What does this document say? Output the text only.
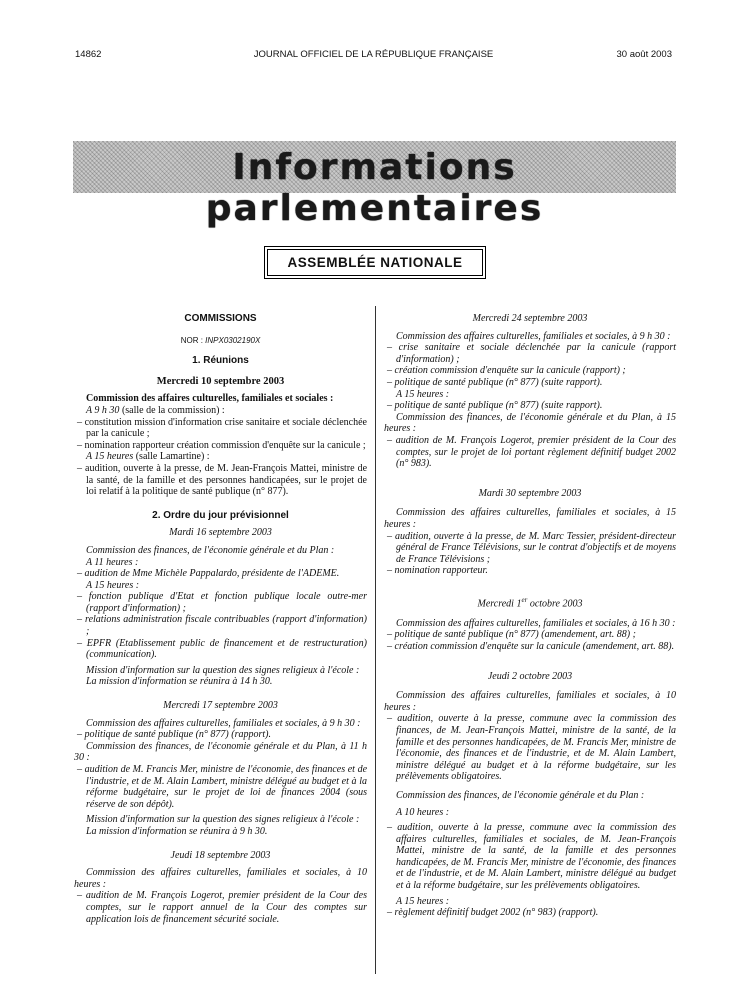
14862	JOURNAL OFFICIEL DE LA RÉPUBLIQUE FRANÇAISE	30 août 2003
Informations parlementaires
ASSEMBLÉE NATIONALE
COMMISSIONS
NOR : INPX0302190X
1. Réunions
Mercredi 10 septembre 2003
Commission des affaires culturelles, familiales et sociales :
A 9 h 30 (salle de la commission) :
– constitution mission d'information crise sanitaire et sociale déclenchée par la canicule ;
– nomination rapporteur création commission d'enquête sur la canicule ;
A 15 heures (salle Lamartine) :
– audition, ouverte à la presse, de M. Jean-François Mattei, ministre de la santé, de la famille et des personnes handicapées, sur le projet de loi relatif à la politique de santé publique (n° 877).
2. Ordre du jour prévisionnel
Mardi 16 septembre 2003
Commission des finances, de l'économie générale et du Plan :
A 11 heures :
– audition de Mme Michèle Pappalardo, présidente de l'ADEME.
A 15 heures :
– fonction publique d'Etat et fonction publique locale outre-mer (rapport d'information) ;
– relations administration fiscale contribuables (rapport d'information) ;
– EPFR (Etablissement public de financement et de restructuration) (communication).
Mission d'information sur la question des signes religieux à l'école :
La mission d'information se réunira à 14 h 30.
Mercredi 17 septembre 2003
Commission des affaires culturelles, familiales et sociales, à 9 h 30 :
– politique de santé publique (n° 877) (rapport).
Commission des finances, de l'économie générale et du Plan, à 11 h 30 :
– audition de M. Francis Mer, ministre de l'économie, des finances et de l'industrie, et de M. Alain Lambert, ministre délégué au budget et à la réforme budgétaire, sur le projet de loi de finances 2004 (sous réserve de son dépôt).
Mission d'information sur la question des signes religieux à l'école :
La mission d'information se réunira à 9 h 30.
Jeudi 18 septembre 2003
Commission des affaires culturelles, familiales et sociales, à 10 heures :
– audition de M. François Logerot, premier président de la Cour des comptes, sur le rapport annuel de la Cour des comptes sur application lois de financement sécurité sociale.
Mercredi 24 septembre 2003
Commission des affaires culturelles, familiales et sociales, à 9 h 30 :
– crise sanitaire et sociale déclenchée par la canicule (rapport d'information) ;
– création commission d'enquête sur la canicule (rapport) ;
– politique de santé publique (n° 877) (suite rapport).
A 15 heures :
– politique de santé publique (n° 877) (suite rapport).
Commission des finances, de l'économie générale et du Plan, à 15 heures :
– audition de M. François Logerot, premier président de la Cour des comptes, sur le projet de loi portant règlement définitif budget 2002 (n° 983).
Mardi 30 septembre 2003
Commission des affaires culturelles, familiales et sociales, à 15 heures :
– audition, ouverte à la presse, de M. Marc Tessier, président-directeur général de France Télévisions, sur le contrat d'objectifs et de moyens de France Télévisions ;
– nomination rapporteur.
Mercredi 1er octobre 2003
Commission des affaires culturelles, familiales et sociales, à 16 h 30 :
– politique de santé publique (n° 877) (amendement, art. 88) ;
– création commission d'enquête sur la canicule (amendement, art. 88).
Jeudi 2 octobre 2003
Commission des affaires culturelles, familiales et sociales, à 10 heures :
– audition, ouverte à la presse, commune avec la commission des finances, de M. Jean-François Mattei, ministre de la santé, de la famille et des personnes handicapées, de M. Francis Mer, ministre de l'économie, des finances et de l'industrie, et de M. Alain Lambert, ministre délégué au budget et à la réforme budgétaire, sur les prélèvements obligatoires.
Commission des finances, de l'économie générale et du Plan :
A 10 heures :
– audition, ouverte à la presse, commune avec la commission des affaires culturelles, familiales et sociales, de M. Jean-François Mattei, ministre de la santé, de la famille et des personnes handicapées, de M. Francis Mer, ministre de l'économie, des finances et de l'industrie, et de M. Alain Lambert, ministre délégué au budget et à la réforme budgétaire, sur les prélèvements obligatoires.
A 15 heures :
– règlement définitif budget 2002 (n° 983) (rapport).
